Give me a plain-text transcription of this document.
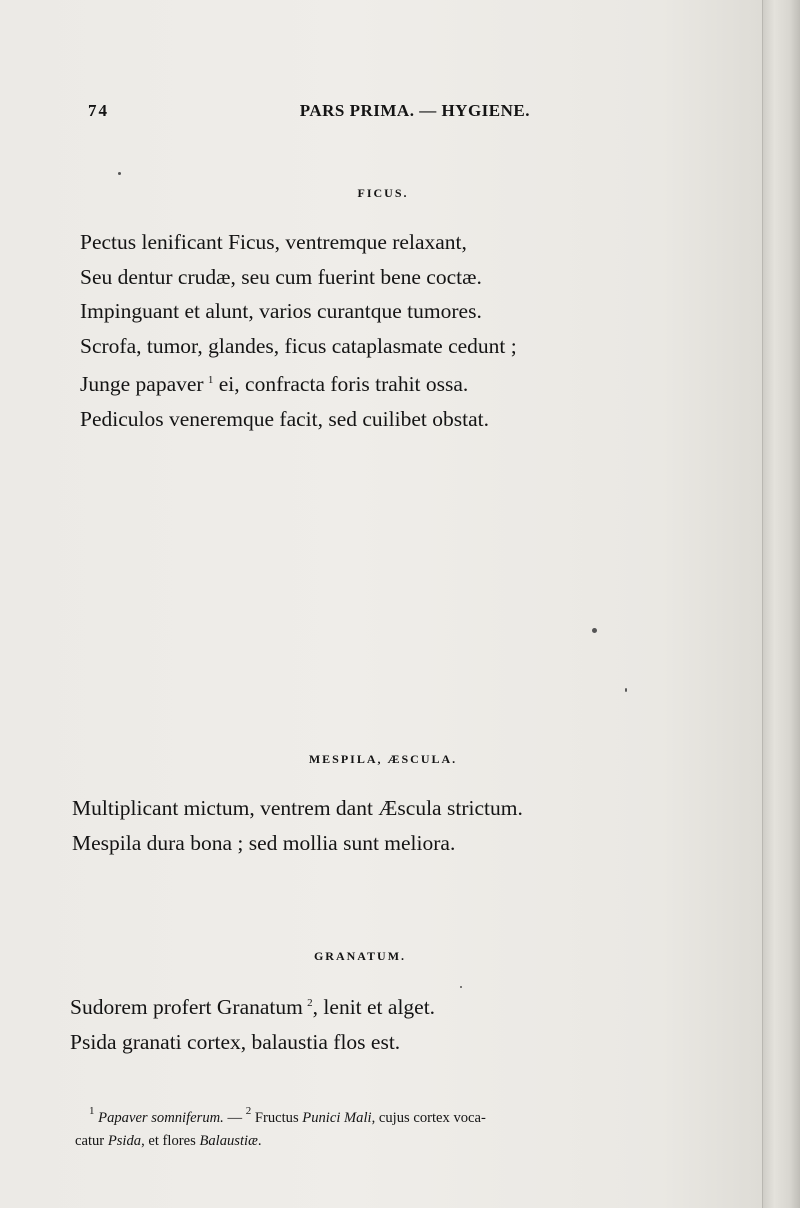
74	PARS PRIMA. — HYGIENE.
FICUS.
Pectus lenificant Ficus, ventremque relaxant,
Seu dentur crudæ, seu cum fuerint bene coctæ.
Impinguant et alunt, varios curantque tumores.
Scrofa, tumor, glandes, ficus cataplasmate cedunt ;
Junge papaver  $^1$ ei, confracta foris trahit ossa.
Pediculos veneremque facit, sed cuilibet obstat.
MESPILA, ÆSCULA.
Multiplicant mictum, ventrem dant Æscula strictum.
Mespila dura bona ; sed mollia sunt meliora.
GRANATUM.
Sudorem profert Granatum  $^2$, lenit et alget.
Psida granati cortex, balaustia flos est.
$^1$ Papaver somniferum. — $^2$ Fructus Punici Mali, cujus cortex voca-
catur Psida, et flores Balaustiæ.
